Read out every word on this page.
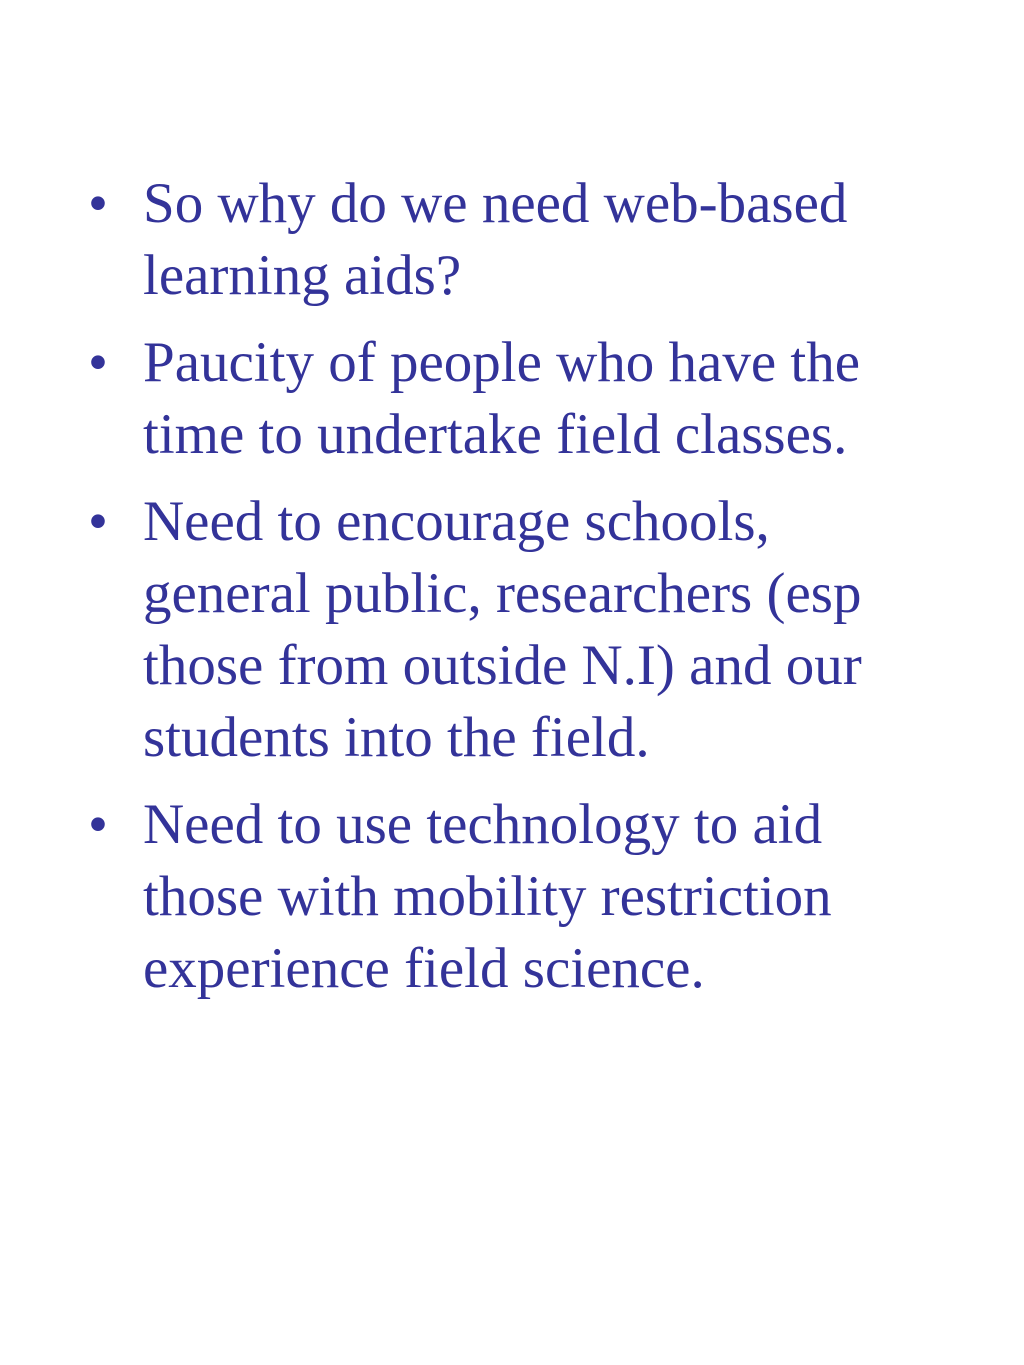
• So why do we need web-based
learning aids?
• Paucity of people who have the
time to undertake field classes.
• Need to encourage schools,
general public, researchers (esp
those from outside N.I) and our
students into the field.
• Need to use technology to aid
those with mobility restriction
experience field science.
